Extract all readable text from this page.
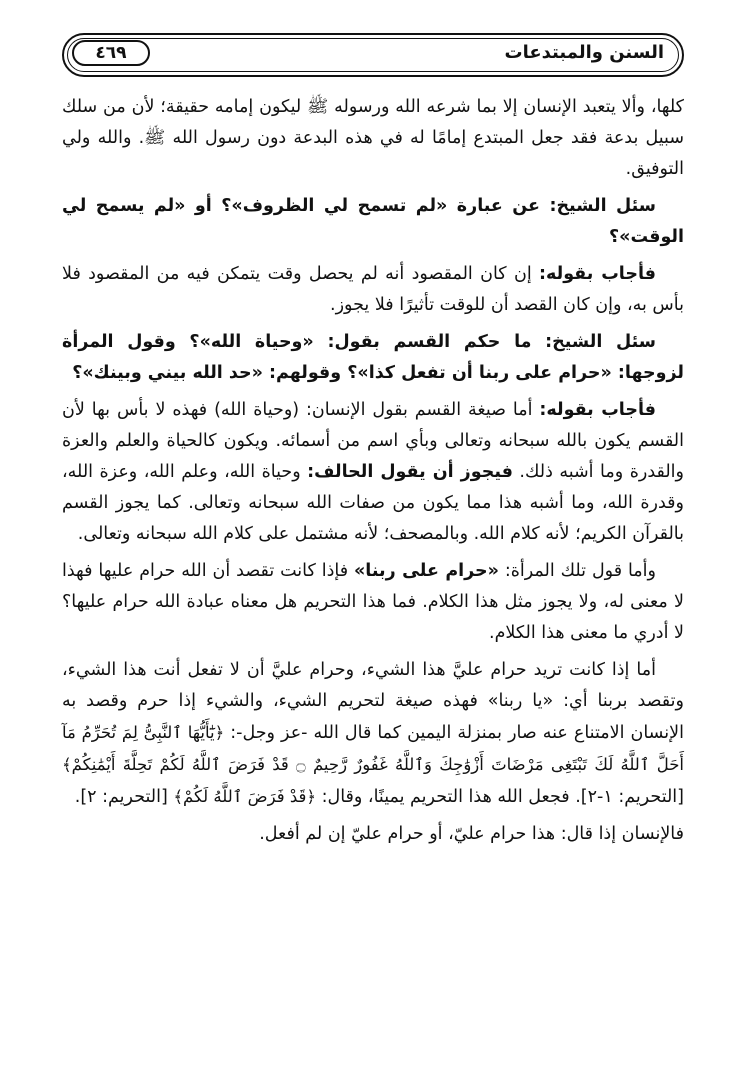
السنن والمبتدعات
٤٦٩

كلها، وألا يتعبد الإنسان إلا بما شرعه الله ورسوله ﷺ ليكون إمامه حقيقة؛ لأن من سلك سبيل بدعة فقد جعل المبتدع إمامًا له في هذه البدعة دون رسول الله ﷺ. والله ولي التوفيق.

سئل الشيخ: عن عبارة «لم تسمح لي الظروف»؟ أو «لم يسمح لي الوقت»؟

فأجاب بقوله: إن كان المقصود أنه لم يحصل وقت يتمكن فيه من المقصود فلا بأس به، وإن كان القصد أن للوقت تأثيرًا فلا يجوز.

سئل الشيخ: ما حكم القسم بقول: «وحياة الله»؟ وقول المرأة لزوجها: «حرام على ربنا أن تفعل كذا»؟ وقولهم: «حد الله بيني وبينك»؟

فأجاب بقوله: أما صيغة القسم بقول الإنسان: (وحياة الله) فهذه لا بأس بها لأن القسم يكون بالله سبحانه وتعالى وبأي اسم من أسمائه. ويكون كالحياة والعلم والعزة والقدرة وما أشبه ذلك. فيجوز أن يقول الحالف: وحياة الله، وعلم الله، وعزة الله، وقدرة الله، وما أشبه هذا مما يكون من صفات الله سبحانه وتعالى. كما يجوز القسم بالقرآن الكريم؛ لأنه كلام الله. وبالمصحف؛ لأنه مشتمل على كلام الله سبحانه وتعالى.

وأما قول تلك المرأة: «حرام على ربنا» فإذا كانت تقصد أن الله حرام عليها فهذا لا معنى له، ولا يجوز مثل هذا الكلام. فما هذا التحريم هل معناه عبادة الله حرام عليها؟ لا أدري ما معنى هذا الكلام.

أما إذا كانت تريد حرام عليَّ هذا الشيء، وحرام عليَّ أن لا تفعل أنت هذا الشيء، وتقصد بربنا أي: «يا ربنا» فهذه صيغة لتحريم الشيء، والشيء إذا حرم وقصد به الإنسان الامتناع عنه صار بمنزلة اليمين كما قال الله -عز وجل-: ﴿يَٰٓأَيُّهَا ٱلنَّبِىُّ لِمَ تُحَرِّمُ مَآ أَحَلَّ ٱللَّهُ لَكَ تَبْتَغِى مَرْضَاتَ أَزْوَٰجِكَ وَٱللَّهُ غَفُورٌ رَّحِيمٌ ۝ قَدْ فَرَضَ ٱللَّهُ لَكُمْ تَحِلَّةَ أَيْمَٰنِكُمْ﴾ [التحريم: ١-٢]. فجعل الله هذا التحريم يمينًا، وقال: ﴿قَدْ فَرَضَ ٱللَّهُ لَكُمْ﴾ [التحريم: ٢].

فالإنسان إذا قال: هذا حرام عليّ، أو حرام عليّ إن لم أفعل.
